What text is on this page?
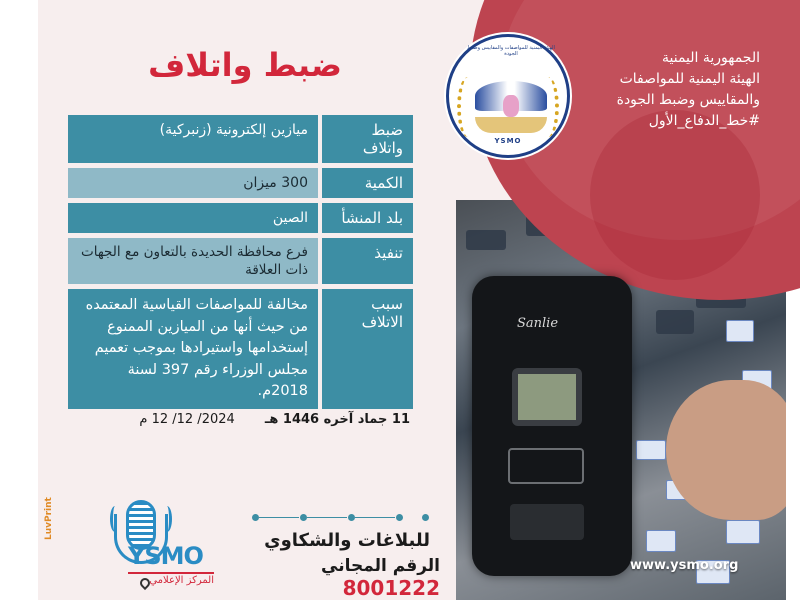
Sanlie
الجمهورية اليمنية
الهيئة اليمنية للمواصفات
والمقاييس وضبط الجودة
#خط_الدفاع_الأول
الهيئة اليمنية للمواصفات والمقاييس وضبط الجودة
YSMO
ضبط واتلاف
ضبط واتلاف
ميازين إلكترونية (زنبركية)
الكمية
300 ميزان
بلد المنشأ
الصين
تنفيذ
فرع محافظة الحديدة بالتعاون مع الجهات ذات العلاقة
سبب الاتلاف
مخالفة للمواصفات القياسية المعتمده من حيث أنها من الميازين الممنوع إستخدامها واستيرادها بموجب تعميم مجلس الوزراء رقم 397 لسنة 2018م.
11 جماد آخره 1446 هـ 2024/ 12/ 12 م
YSMO
المركز الإعلامي
LuvPrint
للبلاغات والشكاوي
الرقم المجاني 8001222
www.ysmo.org
